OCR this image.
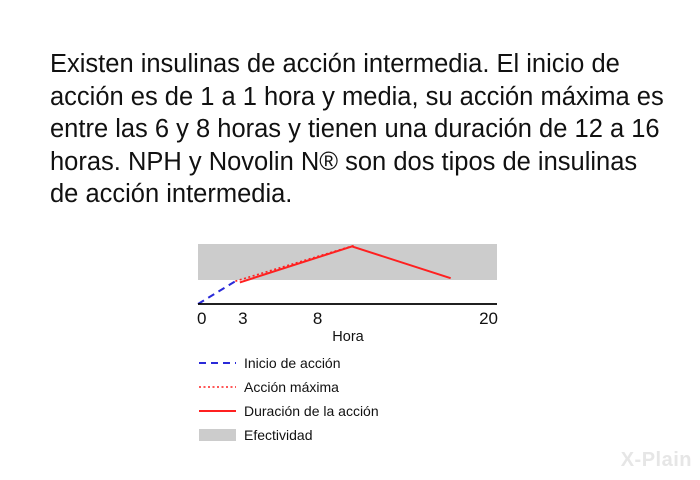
Existen insulinas de acción intermedia. El inicio de acción es de 1 a 1 hora y media, su acción máxima es entre las 6 y 8 horas y tienen una duración de 12 a 16 horas. NPH y Novolin N® son dos tipos de insulinas de acción intermedia.

0 3	8	20
Hora
Inicio de acción
Acción máxima
Duración de la acción
Efectividad
X-Plain
